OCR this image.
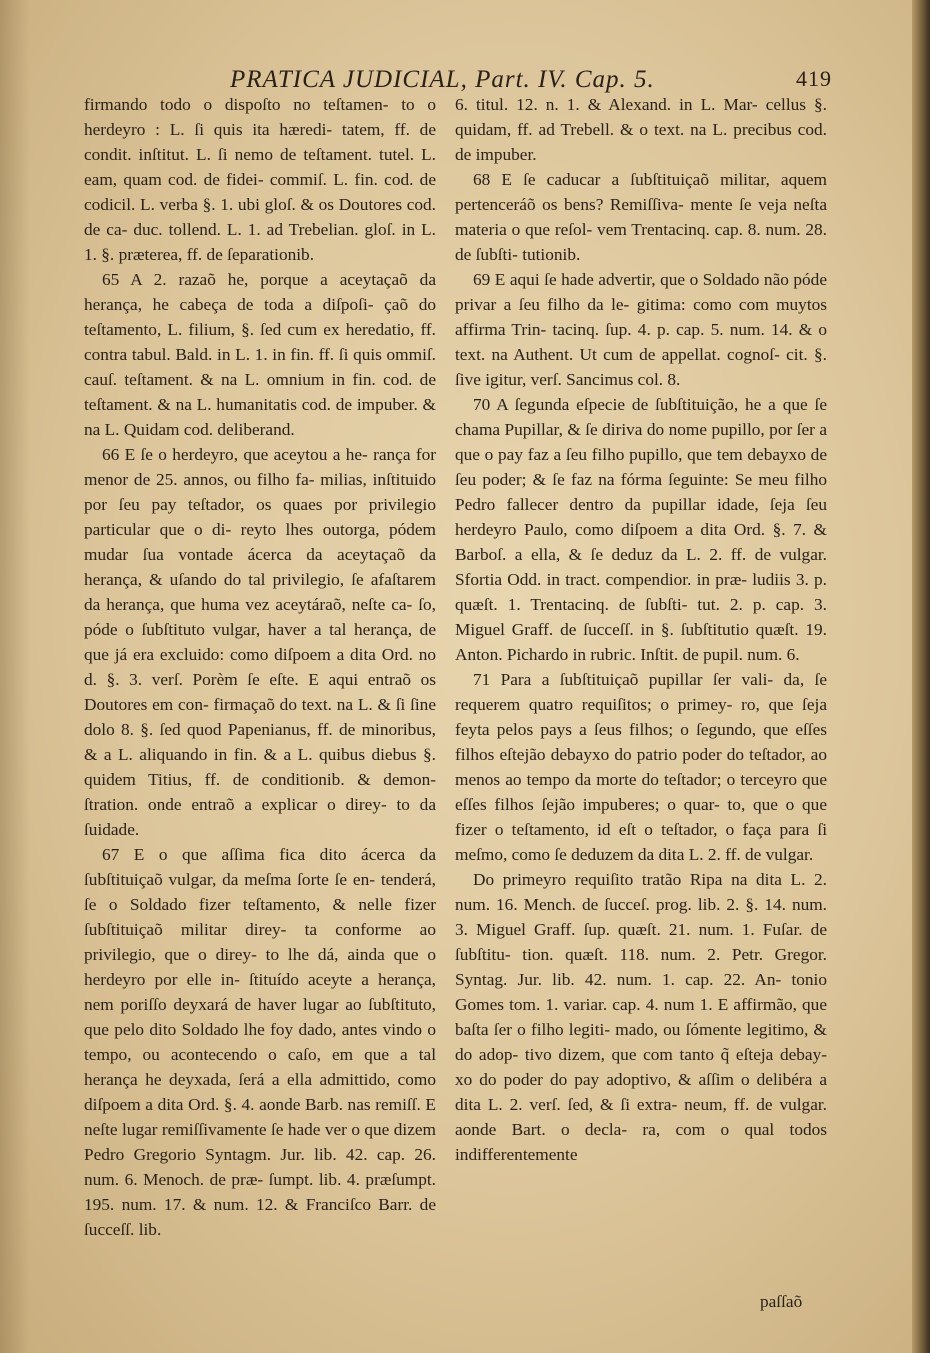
PRATICA JUDICIAL, Part. IV. Cap. 5.	419

firmando todo o dispoſto no teſtamen- to o herdeyro : L. ſi quis ita hæredi- tatem, ff. de condit. inſtitut. L. ſi nemo de teſtament. tutel. L. eam, quam cod. de fidei- commiſ. L. fin. cod. de codicil. L. verba §. 1. ubi gloſ. & os Doutores cod. de ca- duc. tollend. L. 1. ad Trebelian. gloſ. in L. 1. §. præterea, ff. de ſeparationib.

65 A 2. razaõ he, porque a aceytaçaõ da herança, he cabeça de toda a diſpoſi- çaõ do teſtamento, L. filium, §. ſed cum ex heredatio, ff. contra tabul. Bald. in L. 1. in fin. ff. ſi quis ommiſ. cauſ. teſtament. & na L. omnium in fin. cod. de teſtament. & na L. humanitatis cod. de impuber. & na L. Quidam cod. deliberand.

66 E ſe o herdeyro, que aceytou a he- rança for menor de 25. annos, ou filho fa- milias, inſtituido por ſeu pay teſtador, os quaes por privilegio particular que o di- reyto lhes outorga, pódem mudar ſua vontade ácerca da aceytaçaõ da herança, & uſando do tal privilegio, ſe afaſtarem da herança, que huma vez aceytáraõ, neſte ca- ſo, póde o ſubſtituto vulgar, haver a tal herança, de que já era excluido: como diſpoem a dita Ord. no d. §. 3. verſ. Porèm ſe eſte. E aqui entraõ os Doutores em con- firmaçaõ do text. na L. & ſi ſine dolo 8. §. ſed quod Papenianus, ff. de minoribus, & a L. aliquando in fin. & a L. quibus diebus §. quidem Titius, ff. de conditionib. & demon- ſtration. onde entraõ a explicar o direy- to da ſuidade.

67 E o que aſſima fica dito ácerca da ſubſtituiçaõ vulgar, da meſma ſorte ſe en- tenderá, ſe o Soldado fizer teſtamento, & nelle fizer ſubſtituiçaõ militar direy- ta conforme ao privilegio, que o direy- to lhe dá, ainda que o herdeyro por elle in- ſtituído aceyte a herança, nem poriſſo deyxará de haver lugar ao ſubſtituto, que pelo dito Soldado lhe foy dado, antes vindo o tempo, ou acontecendo o caſo, em que a tal herança he deyxada, ſerá a ella admittido, como diſpoem a dita Ord. §. 4. aonde Barb. nas remiſſ. E neſte lugar remiſſivamente ſe hade ver o que dizem Pedro Gregorio Syntagm. Jur. lib. 42. cap. 26. num. 6. Menoch. de præ- ſumpt. lib. 4. præſumpt. 195. num. 17. & num. 12. & Franciſco Barr. de ſucceſſ. lib.

6. titul. 12. n. 1. & Alexand. in L. Mar- cellus §. quidam, ff. ad Trebell. & o text. na L. precibus cod. de impuber.

68 E ſe caducar a ſubſtituiçaõ militar, aquem pertenceráõ os bens? Remiſſiva- mente ſe veja neſta materia o que reſol- vem Trentacinq. cap. 8. num. 28. de ſubſti- tutionib.

69 E aqui ſe hade advertir, que o Soldado não póde privar a ſeu filho da le- gitima: como com muytos affirma Trin- tacinq. ſup. 4. p. cap. 5. num. 14. & o text. na Authent. Ut cum de appellat. cognoſ- cit. §. ſive igitur, verſ. Sancimus col. 8.

70 A ſegunda eſpecie de ſubſtituição, he a que ſe chama Pupillar, & ſe diriva do nome pupillo, por ſer a que o pay faz a ſeu filho pupillo, que tem debayxo de ſeu poder; & ſe faz na fórma ſeguinte: Se meu filho Pedro fallecer dentro da pupillar idade, ſeja ſeu herdeyro Paulo, como diſpoem a dita Ord. §. 7. & Barboſ. a ella, & ſe deduz da L. 2. ff. de vulgar. Sfortia Odd. in tract. compendior. in præ- ludiis 3. p. quæſt. 1. Trentacinq. de ſubſti- tut. 2. p. cap. 3. Miguel Graff. de ſucceſſ. in §. ſubſtitutio quæſt. 19. Anton. Pichardo in rubric. Inſtit. de pupil. num. 6.

71 Para a ſubſtituiçaõ pupillar ſer vali- da, ſe requerem quatro requiſitos; o primey- ro, que ſeja feyta pelos pays a ſeus filhos; o ſegundo, que eſſes filhos eſtejão debayxo do patrio poder do teſtador, ao menos ao tempo da morte do teſtador; o terceyro que eſſes filhos ſejão impuberes; o quar- to, que o que fizer o teſtamento, id eſt o teſtador, o faça para ſi meſmo, como ſe deduzem da dita L. 2. ff. de vulgar.

Do primeyro requiſito tratão Ripa na dita L. 2. num. 16. Mench. de ſucceſ. prog. lib. 2. §. 14. num. 3. Miguel Graff. ſup. quæſt. 21. num. 1. Fuſar. de ſubſtitu- tion. quæſt. 118. num. 2. Petr. Gregor. Syntag. Jur. lib. 42. num. 1. cap. 22. An- tonio Gomes tom. 1. variar. cap. 4. num 1. E affirmão, que baſta ſer o filho legiti- mado, ou ſómente legitimo, & do adop- tivo dizem, que com tanto q̃ eſteja debay- xo do poder do pay adoptivo, & aſſim o delibéra a dita L. 2. verſ. ſed, & ſi extra- neum, ff. de vulgar. aonde Bart. o decla- ra, com o qual todos indifferentemente

paſſaõ
